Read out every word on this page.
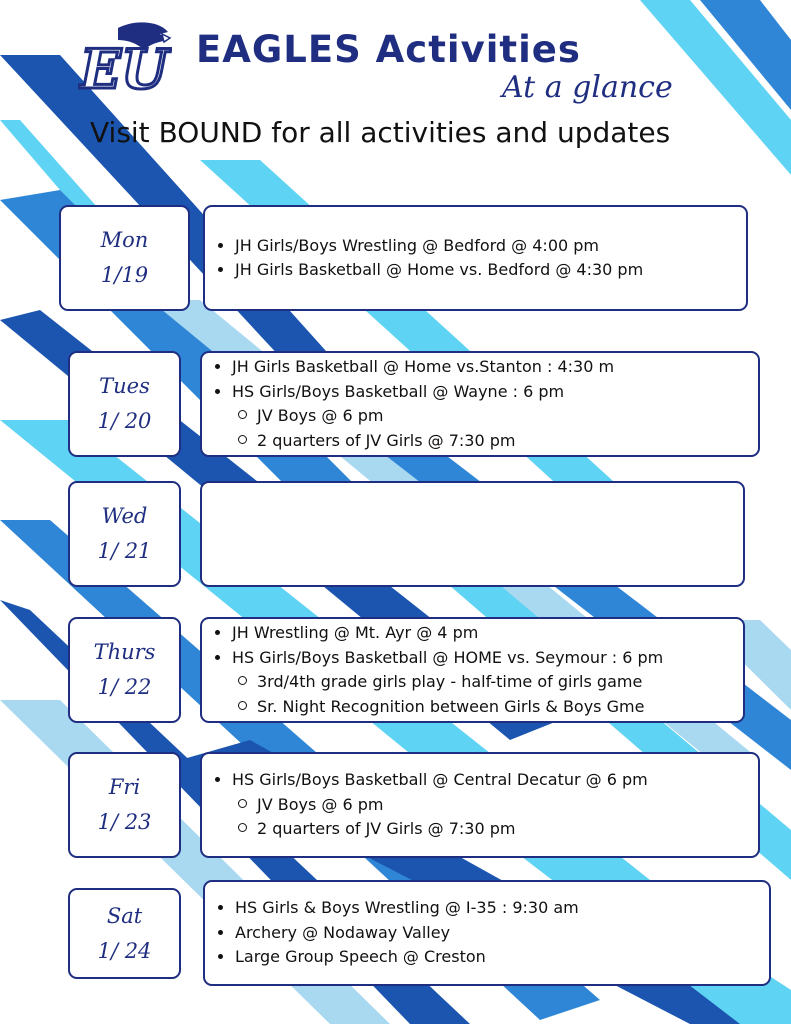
EU EAGLES Activities
At a glance
Visit BOUND for all activities and updates
Mon
1/19
• JH Girls/Boys Wrestling @ Bedford @ 4:00 pm
• JH Girls Basketball @ Home vs. Bedford @ 4:30 pm
Tues
1/ 20
• JH Girls Basketball @ Home vs.Stanton : 4:30 m
• HS Girls/Boys Basketball @ Wayne : 6 pm
JV Boys @ 6 pm
2 quarters of JV Girls @ 7:30 pm
Wed
1/ 21
Thurs
1/ 22
• JH Wrestling @ Mt. Ayr @ 4 pm
• HS Girls/Boys Basketball @ HOME vs. Seymour : 6 pm
3rd/4th grade girls play - half-time of girls game
Sr. Night Recognition between Girls & Boys Gme
Fri
1/ 23
• HS Girls/Boys Basketball @ Central Decatur @ 6 pm
JV Boys @ 6 pm
2 quarters of JV Girls @ 7:30 pm
Sat
1/ 24
• HS Girls & Boys Wrestling @ I-35 : 9:30 am
• Archery @ Nodaway Valley
• Large Group Speech @ Creston
